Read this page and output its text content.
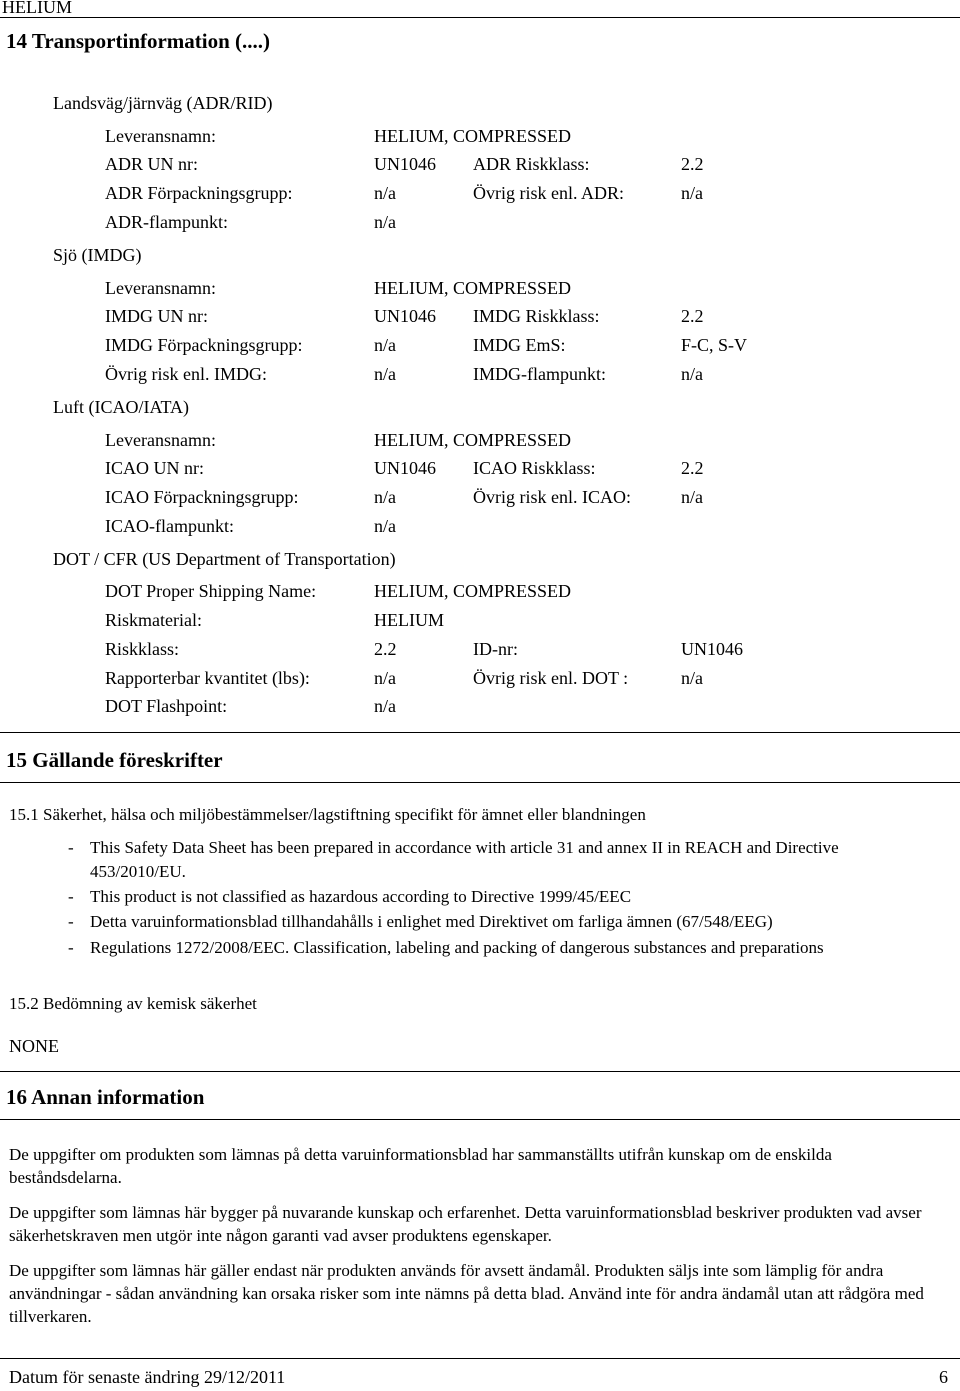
HELIUM
14 Transportinformation (....)
Landsväg/järnväg (ADR/RID)
Leveransnamn:	HELIUM, COMPRESSED
ADR UN nr:	UN1046 ADR Riskklass:	2.2
ADR Förpackningsgrupp:	n/a	Övrig risk enl. ADR:	n/a
ADR-flampunkt:	n/a
Sjö (IMDG)
Leveransnamn:	HELIUM, COMPRESSED
IMDG UN nr:	UN1046 IMDG Riskklass:	2.2
IMDG Förpackningsgrupp:	n/a	IMDG EmS:	F-C, S-V
Övrig risk enl. IMDG:	n/a	IMDG-flampunkt:	n/a
Luft (ICAO/IATA)
Leveransnamn:	HELIUM, COMPRESSED
ICAO UN nr:	UN1046 ICAO Riskklass:	2.2
ICAO Förpackningsgrupp:	n/a	Övrig risk enl. ICAO:	n/a
ICAO-flampunkt:	n/a
DOT / CFR (US Department of Transportation)
DOT Proper Shipping Name:	HELIUM, COMPRESSED
Riskmaterial:	HELIUM
Riskklass:	2.2	ID-nr:	UN1046
Rapporterbar kvantitet (lbs):	n/a	Övrig risk enl. DOT :	n/a
DOT Flashpoint:	n/a
15 Gällande föreskrifter
15.1 Säkerhet, hälsa och miljöbestämmelser/lagstiftning specifikt för ämnet eller blandningen
- This Safety Data Sheet has been prepared in accordance with article 31 and annex II in REACH and Directive 453/2010/EU.
- This product is not classified as hazardous according to Directive 1999/45/EEC
- Detta varuinformationsblad tillhandahålls i enlighet med Direktivet om farliga ämnen (67/548/EEG)
- Regulations 1272/2008/EEC. Classification, labeling and packing of dangerous substances and preparations
15.2 Bedömning av kemisk säkerhet
NONE
16 Annan information
De uppgifter om produkten som lämnas på detta varuinformationsblad har sammanställts utifrån kunskap om de enskilda beståndsdelarna.
De uppgifter som lämnas här bygger på nuvarande kunskap och erfarenhet. Detta varuinformationsblad beskriver produkten vad avser säkerhetskraven men utgör inte någon garanti vad avser produktens egenskaper.
De uppgifter som lämnas här gäller endast när produkten används för avsett ändamål. Produkten säljs inte som lämplig för andra användningar - sådan användning kan orsaka risker som inte nämns på detta blad. Använd inte för andra ändamål utan att rådgöra med tillverkaren.
Datum för senaste ändring 29/12/2011	6
